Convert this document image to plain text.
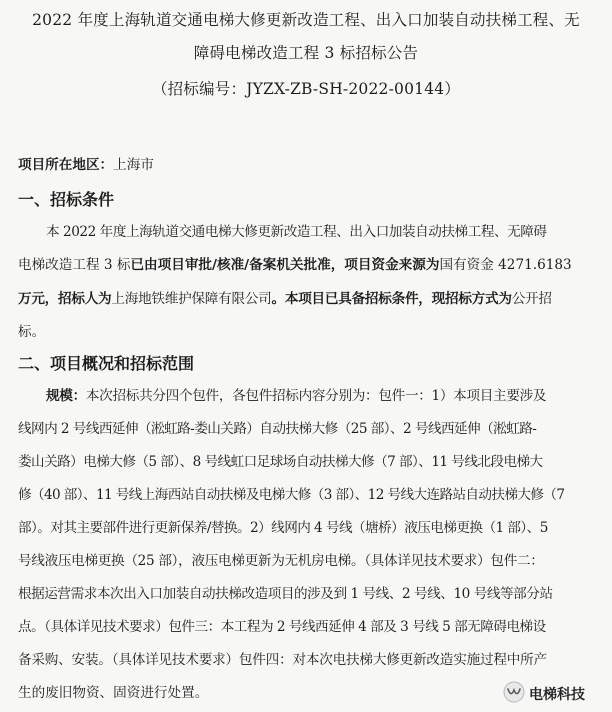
2022 年度上海轨道交通电梯大修更新改造工程、出入口加装自动扶梯工程、无
障碍电梯改造工程 3 标招标公告
（招标编号：JYZX-ZB-SH-2022-00144）
项目所在地区：上海市
一、招标条件
本 2022 年度上海轨道交通电梯大修更新改造工程、出入口加装自动扶梯工程、无障碍
电梯改造工程 3 标已由项目审批/核准/备案机关批准，项目资金来源为国有资金 4271.6183
万元，招标人为上海地铁维护保障有限公司。本项目已具备招标条件，现招标方式为公开招
标。
二、项目概况和招标范围
规模：本次招标共分四个包件，各包件招标内容分别为：包件一：1）本项目主要涉及
线网内 2 号线西延伸（淞虹路-娄山关路）自动扶梯大修（25 部）、2 号线西延伸（淞虹路-
娄山关路）电梯大修（5 部）、8 号线虹口足球场自动扶梯大修（7 部）、11 号线北段电梯大
修（40 部）、11 号线上海西站自动扶梯及电梯大修（3 部）、12 号线大连路站自动扶梯大修（7
部）。对其主要部件进行更新保养/替换。2）线网内 4 号线（塘桥）液压电梯更换（1 部）、5
号线液压电梯更换（25 部），液压电梯更新为无机房电梯。（具体详见技术要求）包件二：
根据运营需求本次出入口加装自动扶梯改造项目的涉及到 1 号线、2 号线、10 号线等部分站
点。（具体详见技术要求）包件三：本工程为 2 号线西延伸 4 部及 3 号线 5 部无障碍电梯设
备采购、安装。（具体详见技术要求）包件四：对本次电扶梯大修更新改造实施过程中所产
生的废旧物资、固资进行处置。	电梯科技
